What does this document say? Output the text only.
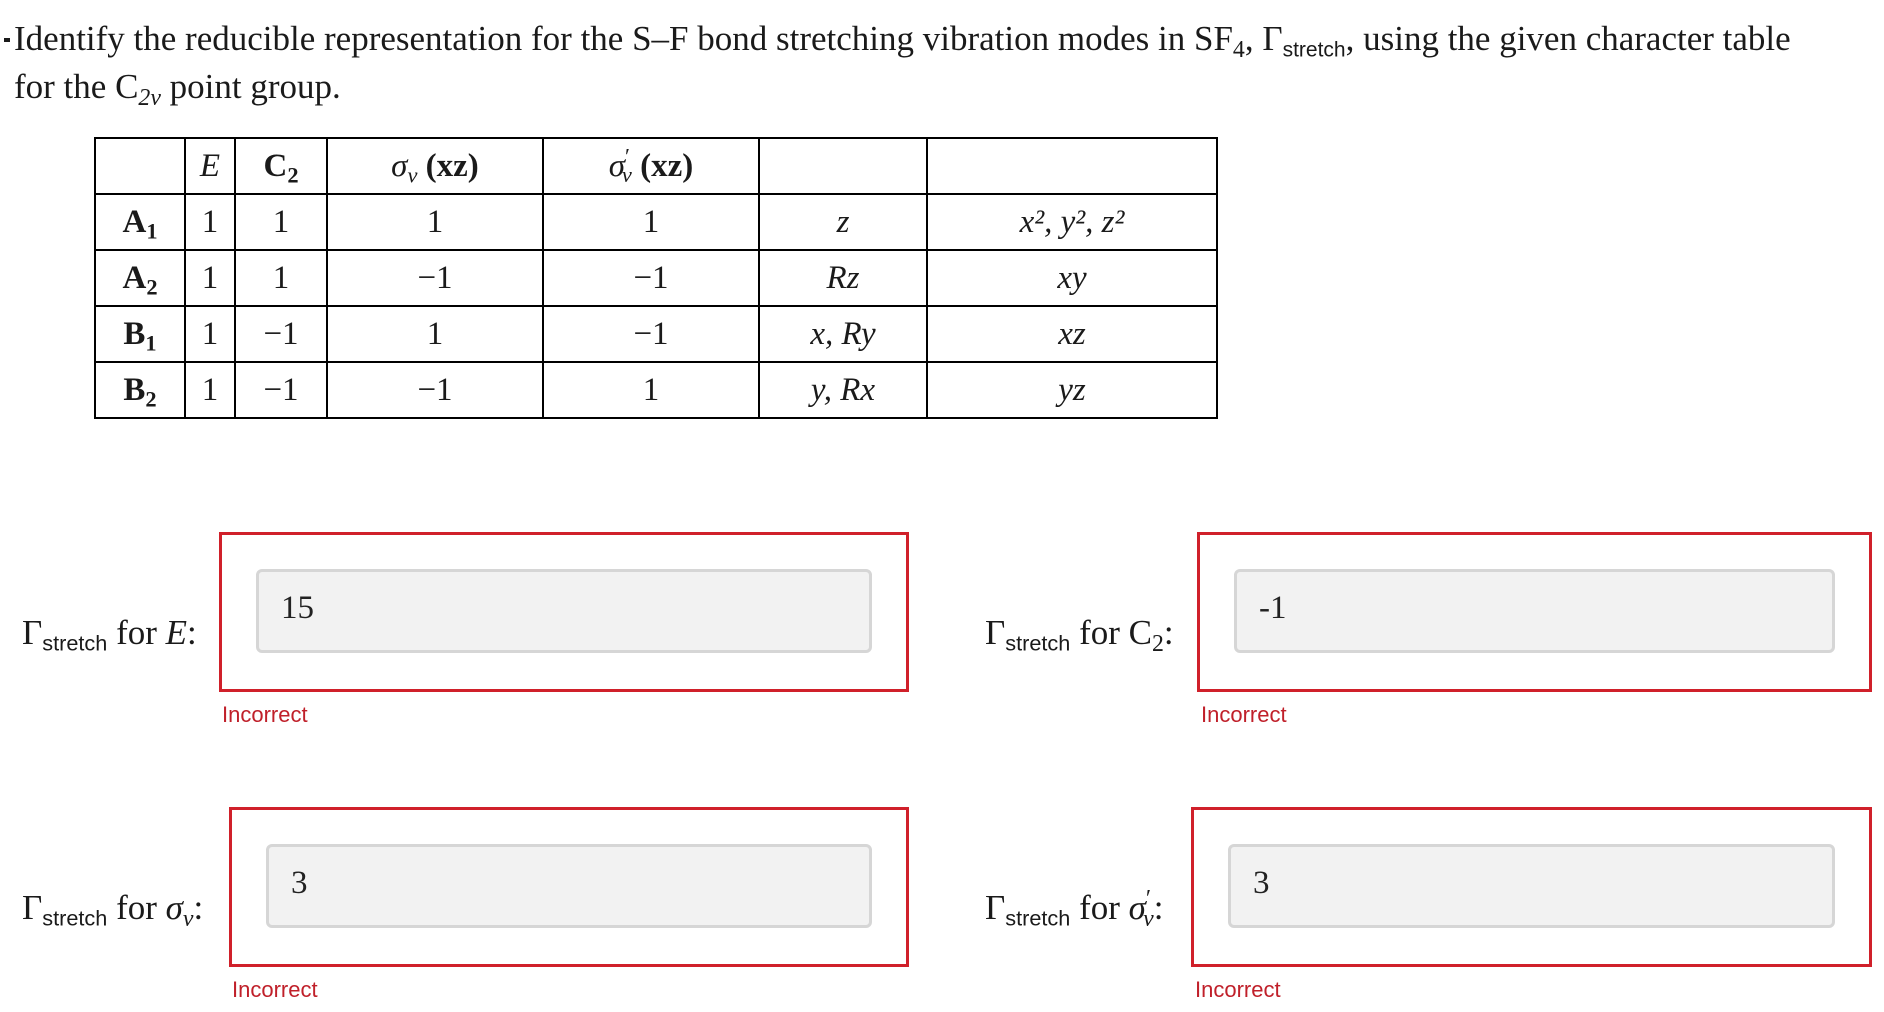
Identify the reducible representation for the S–F bond stretching vibration modes in $SF_4$, $\Gamma_{stretch}$, using the given character table
for the $C_{2v}$ point group.
	E	$C_2$	$\sigma_v$ (xz)	$\sigma'_v$ (xz)		
$A_1$	1	1	1	1	z	x², y², z²
$A_2$	1	1	−1	−1	Rz	xy
$B_1$	1	−1	1	−1	x, Ry	xz
$B_2$	1	−1	−1	1	y, Rx	yz
$\Gamma_{stretch}$ for E:
15
Incorrect
$\Gamma_{stretch}$ for $C_2$:
-1
Incorrect
$\Gamma_{stretch}$ for $\sigma_v$:
3
Incorrect
$\Gamma_{stretch}$ for $\sigma'_v$:
3
Incorrect
